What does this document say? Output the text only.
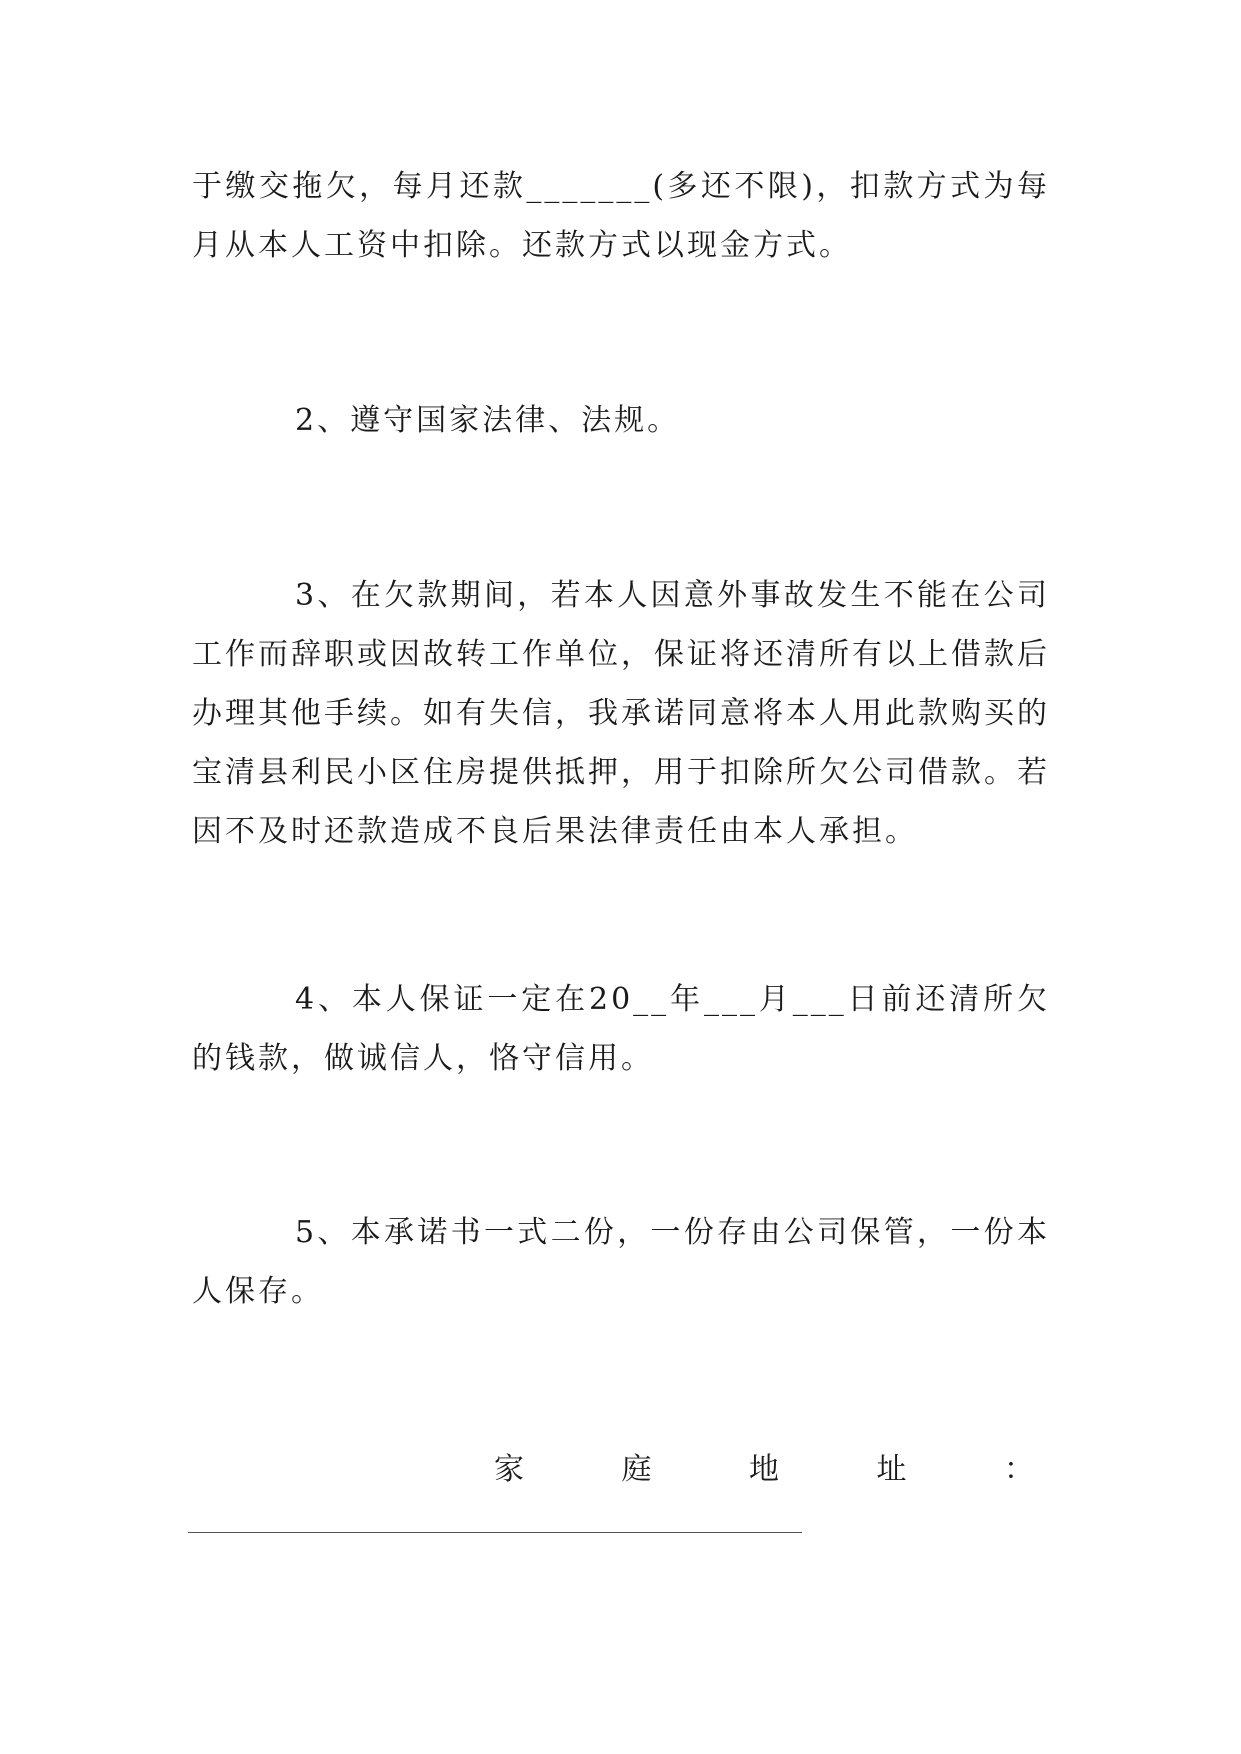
于缴交拖欠，每月还款_______(多还不限)，扣款方式为每月从本人工资中扣除。还款方式以现金方式。

2、遵守国家法律、法规。

3、在欠款期间，若本人因意外事故发生不能在公司工作而辞职或因故转工作单位，保证将还清所有以上借款后办理其他手续。如有失信，我承诺同意将本人用此款购买的宝清县利民小区住房提供抵押，用于扣除所欠公司借款。若因不及时还款造成不良后果法律责任由本人承担。

4、本人保证一定在20__年___月___日前还清所欠的钱款，做诚信人，恪守信用。

5、本承诺书一式二份，一份存由公司保管，一份本人保存。

家	庭	地	址	：
